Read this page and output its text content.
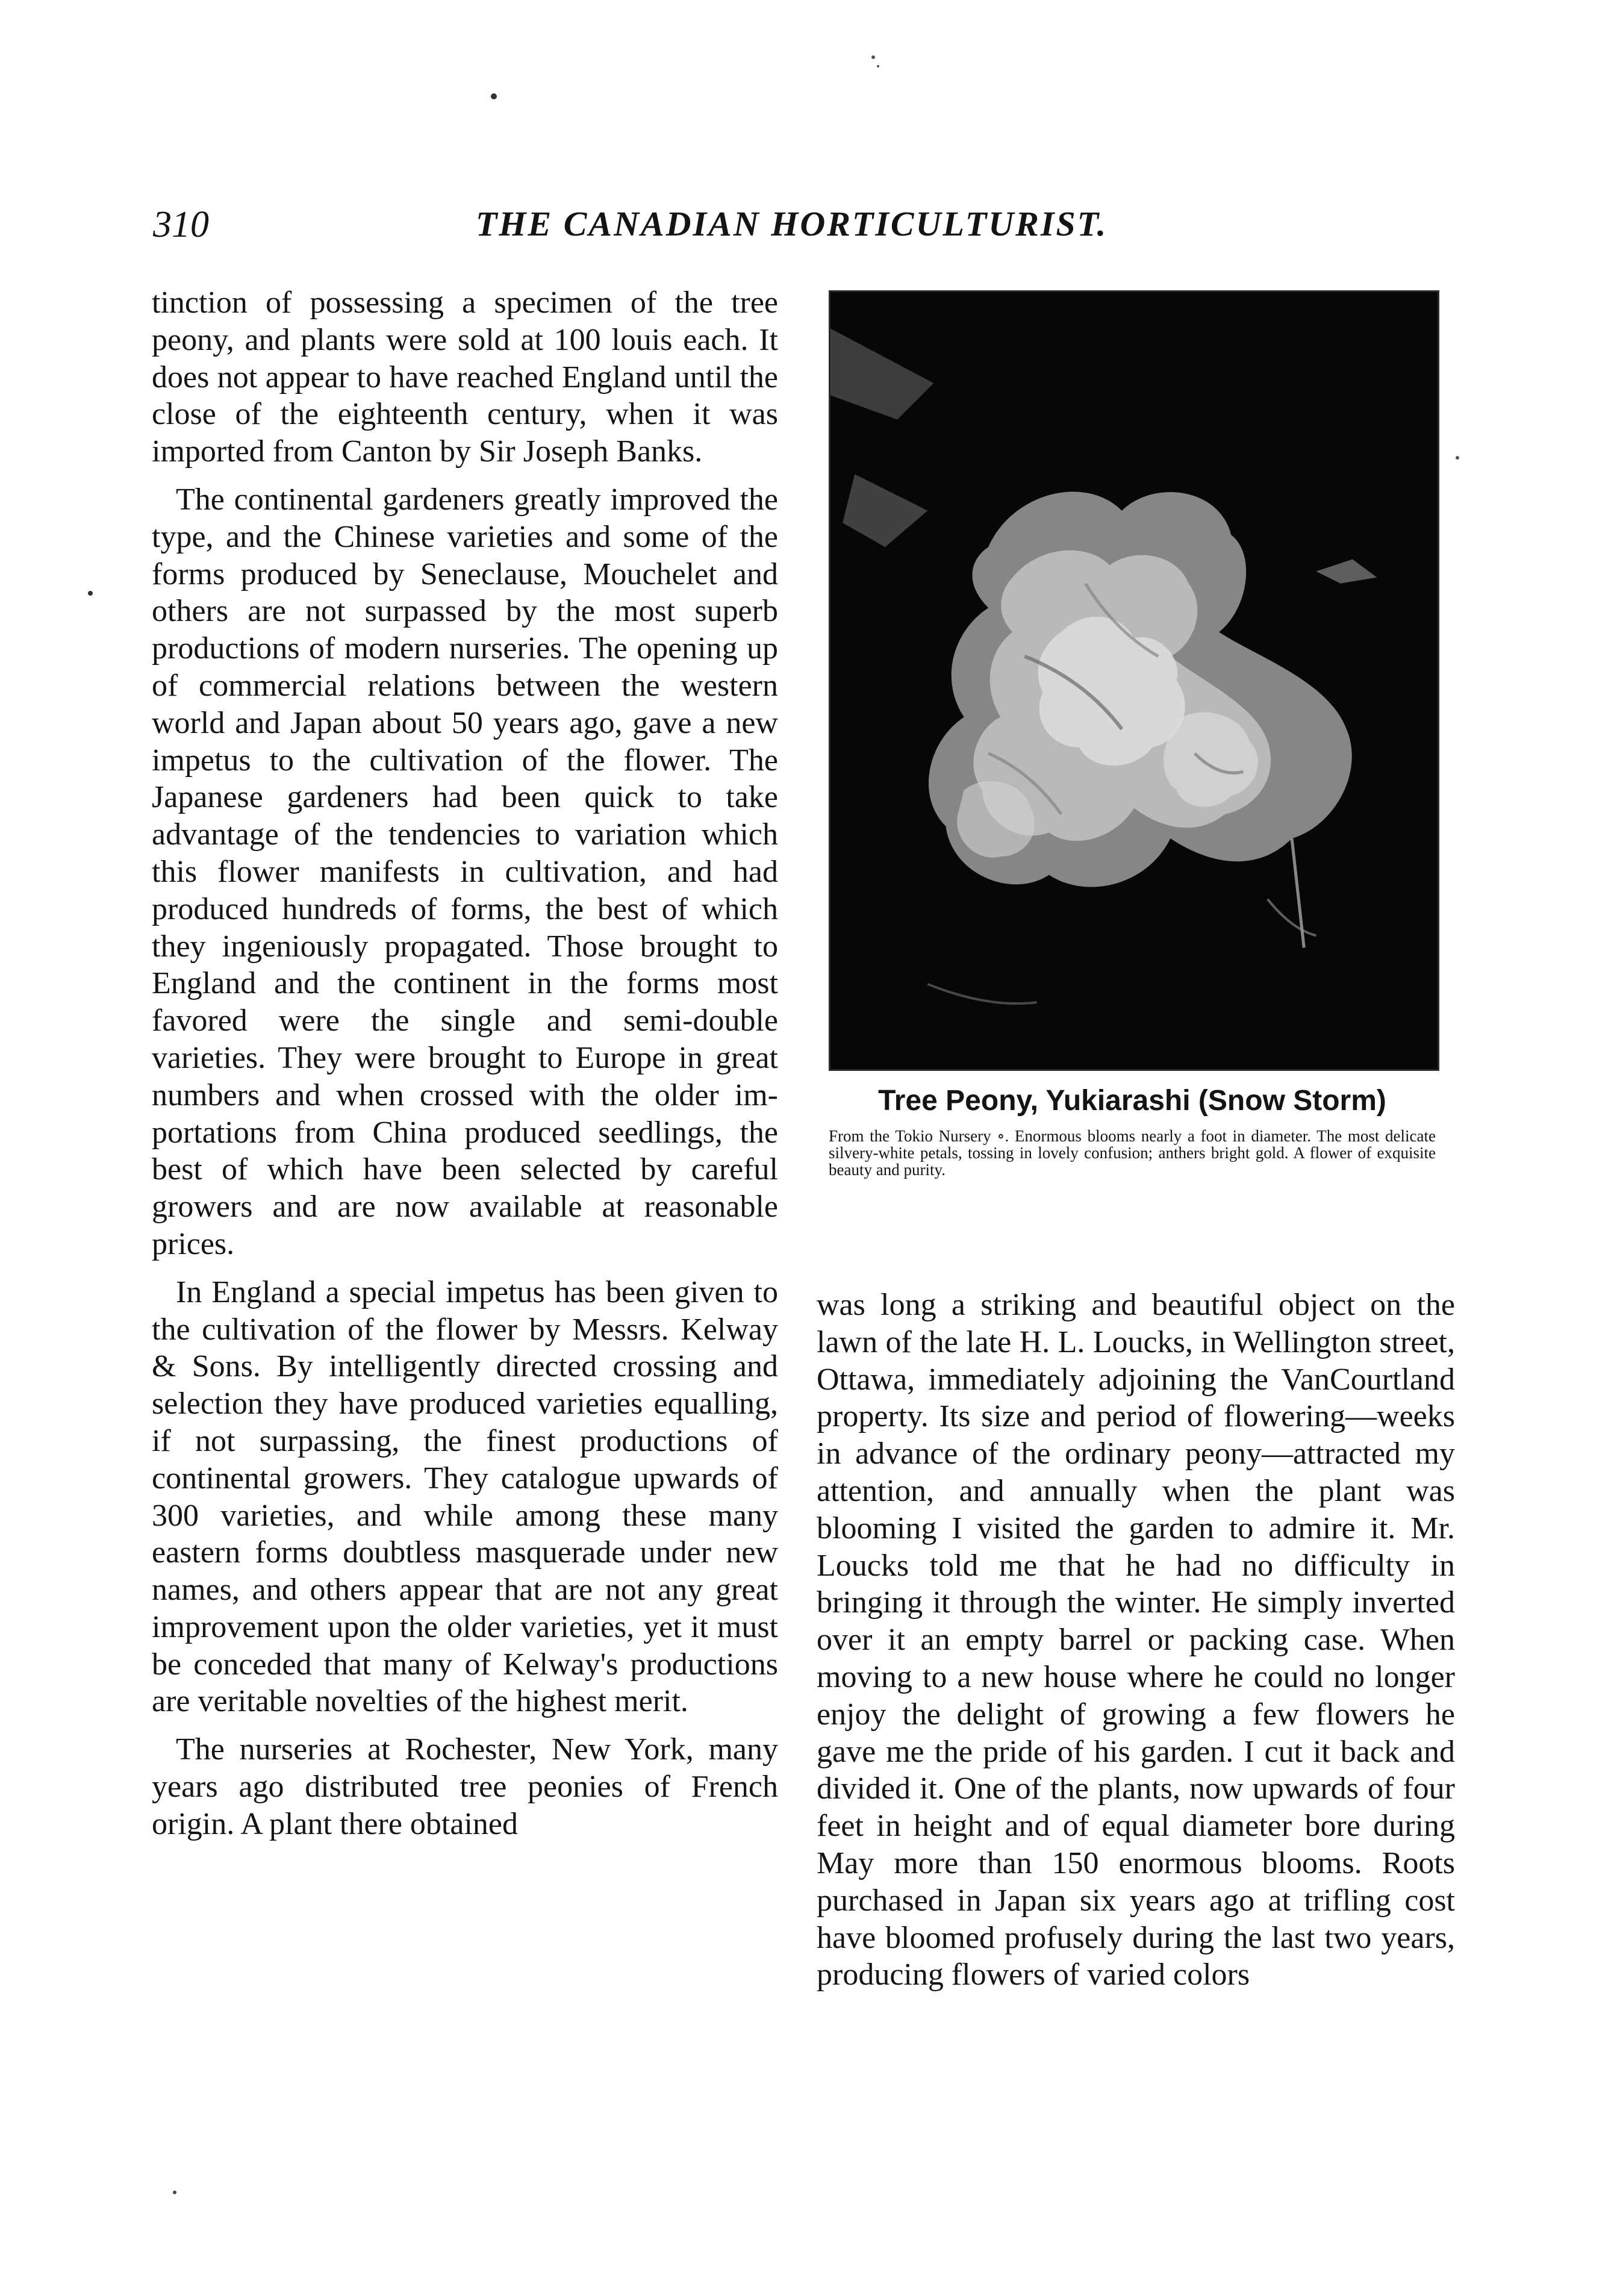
310	THE CANADIAN HORTICULTURIST.

tinction of possessing a specimen of the tree peony, and plants were sold at 100 louis each. It does not appear to have reached England until the close of the eighteenth century, when it was imported from Canton by Sir Joseph Banks.

The continental gardeners greatly improved the type, and the Chinese varieties and some of the forms produced by Seneclause, Mouchelet and others are not surpassed by the most superb productions of modern nurseries. The opening up of commercial relations between the western world and Japan about 50 years ago, gave a new impetus to the cultivation of the flower. The Japanese gardeners had been quick to take advantage of the tendencies to variation which this flower manifests in cultivation, and had produced hundreds of forms, the best of which they ingeniously propagated. Those brought to England and the continent in the forms most favored were the single and semi-double varieties. They were brought to Europe in great numbers and when crossed with the older importations from China produced seedlings, the best of which have been selected by careful growers and are now available at reasonable prices.

In England a special impetus has been given to the cultivation of the flower by Messrs. Kelway & Sons. By intelligently directed crossing and selection they have produced varieties equalling, if not surpassing, the finest productions of continental growers. They catalogue upwards of 300 varieties, and while among these many eastern forms doubtless masquerade under new names, and others appear that are not any great improvement upon the older varieties, yet it must be conceded that many of Kelway's productions are veritable novelties of the highest merit.

The nurseries at Rochester, New York, many years ago distributed tree peonies of French origin. A plant there obtained

Tree Peony, Yukiarashi (Snow Storm)
From the Tokio Nursery ∘. Enormous blooms nearly a foot in diameter. The most delicate silvery-white petals, tossing in lovely confusion; anthers bright gold. A flower of exquisite beauty and purity.

was long a striking and beautiful object on the lawn of the late H. L. Loucks, in Wellington street, Ottawa, immediately adjoining the VanCourtland property. Its size and period of flowering—weeks in advance of the ordinary peony—attracted my attention, and annually when the plant was blooming I visited the garden to admire it. Mr. Loucks told me that he had no difficulty in bringing it through the winter. He simply inverted over it an empty barrel or packing case. When moving to a new house where he could no longer enjoy the delight of growing a few flowers he gave me the pride of his garden. I cut it back and divided it. One of the plants, now upwards of four feet in height and of equal diameter bore during May more than 150 enormous blooms. Roots purchased in Japan six years ago at trifling cost have bloomed profusely during the last two years, producing flowers of varied colors
